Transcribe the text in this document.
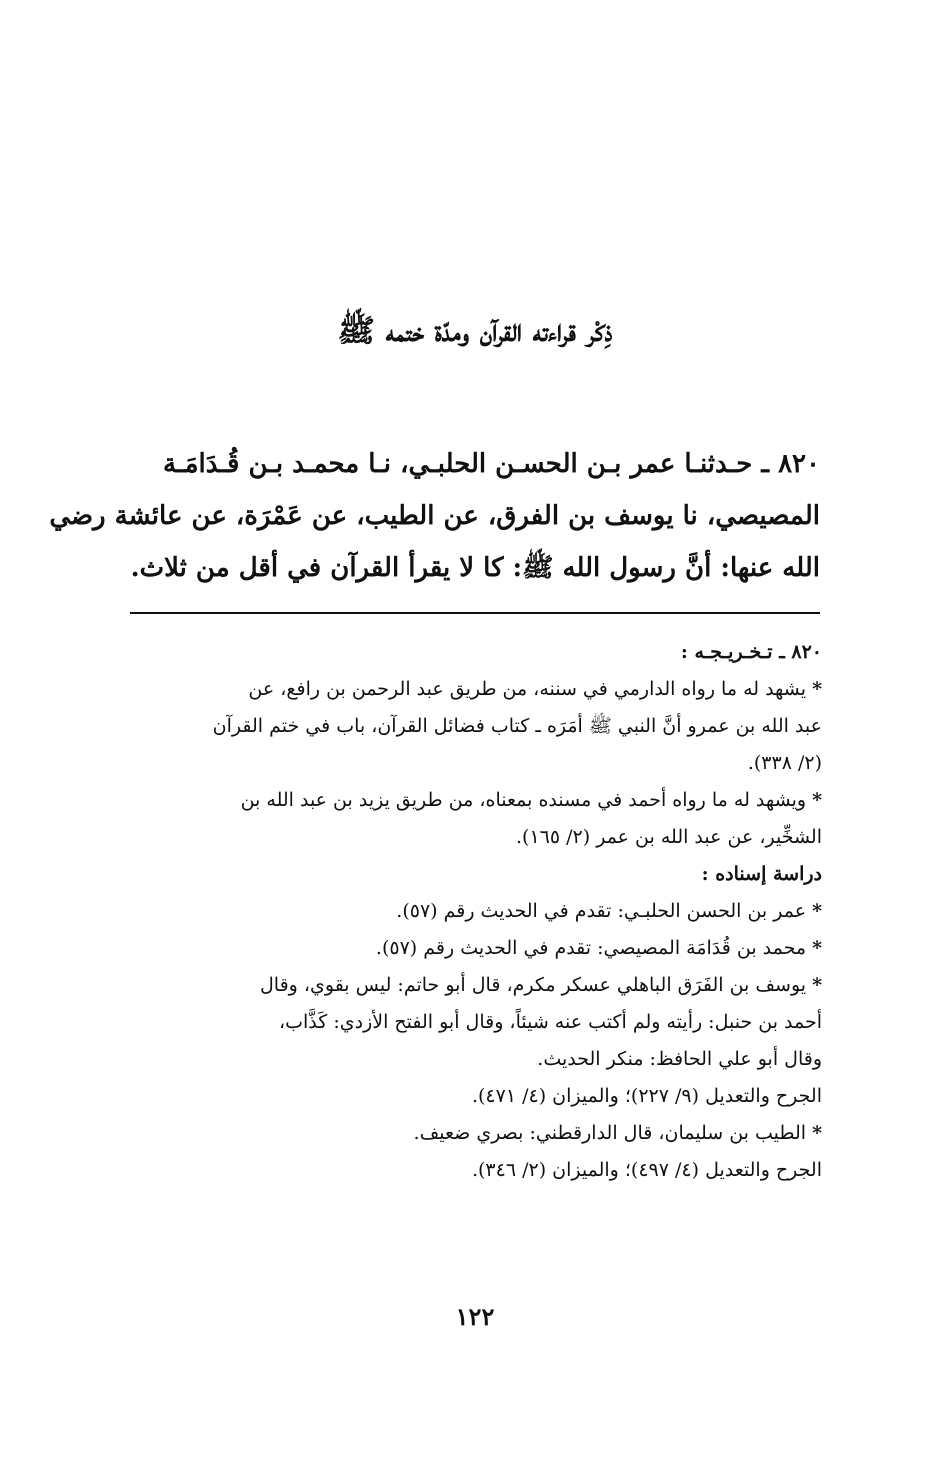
ذِكْر قراءته القرآن ومدّة ختمه ﷺ
٨٢٠ ـ حـدثنـا عمر بـن الحسـن الحلبـي، نـا محمـد بـن قُـدَامَـة
المصيصي، نا يوسف بن الفرق، عن الطيب، عن عَمْرَة، عن عائشة رضي
الله عنها: أنَّ رسول الله ﷺ: كا لا يقرأ القرآن في أقل من ثلاث.
٨٢٠ ـ تـخـريـجـه :
*يشهد له ما رواه الدارمي في سننه، من طريق عبد الرحمن بن رافع، عن
عبد الله بن عمرو أنَّ النبي ﷺ أمَرَه ـ كتاب فضائل القرآن، باب في ختم القرآن
(٢/ ٣٣٨).
*ويشهد له ما رواه أحمد في مسنده بمعناه، من طريق يزيد بن عبد الله بن
الشخِّير، عن عبد الله بن عمر (٢/ ١٦٥).
دراسة إسناده :
*عمر بن الحسن الحلبـي: تقدم في الحديث رقم (٥٧).
*محمد بن قُدَامَة المصيصي: تقدم في الحديث رقم (٥٧).
*يوسف بن الفَرَق الباهلي عسكر مكرم، قال أبو حاتم: ليس بقوي، وقال
أحمد بن حنبل: رأيته ولم أكتب عنه شيئاً، وقال أبو الفتح الأزدي: كَذَّاب،
وقال أبو علي الحافظ: منكر الحديث.
الجرح والتعديل (٩/ ٢٢٧)؛ والميزان (٤/ ٤٧١).
*الطيب بن سليمان، قال الدارقطني: بصري ضعيف.
الجرح والتعديل (٤/ ٤٩٧)؛ والميزان (٢/ ٣٤٦).
١٢٢
